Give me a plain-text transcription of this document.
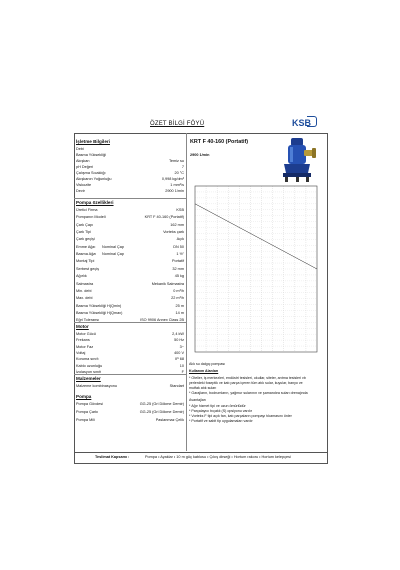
ÖZET BİLGİ FÖYÜ	KSB
İşletme Bilgileri
Debi
Basma Yüksekliği
Akışkan	Temiz su
pH Değeri	7
Çalışma Sıcaklığı	20 °C
Akışkanın Yoğunluğu	0,998 kg/dm³
Viskozite	1 mm²/s
Devir	2900 1/min
Pompa özellikleri
Üretici Firma	KSB
Pompanın Modeli	KRT F 40-160 (Portatif)
Çark Çapı	162 mm
Çark Tipi	Vorteks çark
Çark geçişi	Açık
Emme Ağzı Nominal Çap	DN 50
Basma Ağzı Nominal Çap	1 ½"
Montaj Tipi	Portatif
Serbest geçiş	32 mm
Ağırlık	45 kg
Salmastra	Mekanik Salmastra
Min. debi	0 m³/h
Max. debi	22 m³/h
Basma Yüksekliği H(Qmin)	25 m
Basma Yüksekliği H(Qmax)	14 m
Eğri Toleransı	ISO 9906 Annex Class 2B
Motor
Motor Gücü	2,4 kW
Frekans	50 Hz
Motor Faz	3~
Voltaj	400 V
Koruma sınıfı	IP 68
Kablo uzunluğu	10
İzolasyon sınıfı	F
Malzemeler
Malzeme kombinasyonu	Standart
Pompa
Pompa Gövdesi	GG-25 (Gri Dökme Demir)
Pompa Çarkı	GG-25 (Gri Dökme Demir)
Pompa Mili	Paslanmaz Çelik
KRT F 40-160 (Portatif)
2900 1/min
Alık su dalgıç pompası
Kullanım Alanları
* Otelier, iş merkezleri, endüstri tesisleri, okullar, siteler, arıtma tesisleri vb
yerlerdeki foseptik ve katı parça içeren tüm atık sular, kuyular, banyo ve
mutfak atık suları
* Garajların, bodrumların, yağmur sularının ve şamandıra suları drenajında
Avantajları
* Ağır hizmet tipi ve uzun ömürlüdür
* Parçalayıcı bıçaklı (S) opsiyonu vardır
* Vorteks F tipi açık fan, katı parçaların pompayı tıkamasını önler
* Portatif ve sabit tip uygulamaları vardır
Teslimat Kapsamı :	Pompa • Ayaklar • 10 m güç kablosu • Çıkış dirseği • Hortum rakoru • Hortum kelepçesi
